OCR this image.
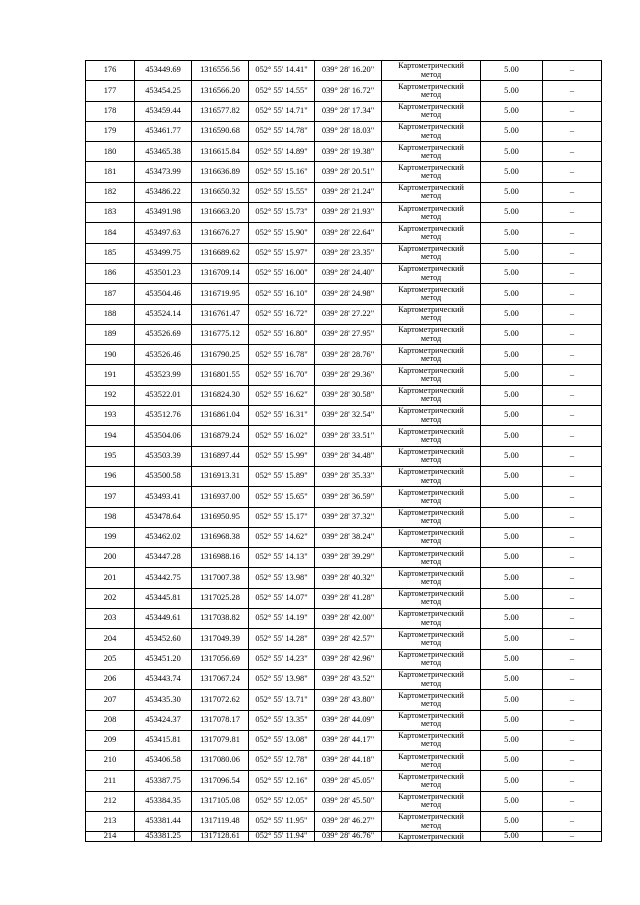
176	453449.69	1316556.56	052° 55' 14.41"	039° 28' 16.20"	Картометрический
метод	5.00	–
177	453454.25	1316566.20	052° 55' 14.55"	039° 28' 16.72"	Картометрический
метод	5.00	–
178	453459.44	1316577.82	052° 55' 14.71"	039° 28' 17.34"	Картометрический
метод	5.00	–
179	453461.77	1316590.68	052° 55' 14.78"	039° 28' 18.03"	Картометрический
метод	5.00	–
180	453465.38	1316615.84	052° 55' 14.89"	039° 28' 19.38"	Картометрический
метод	5.00	–
181	453473.99	1316636.89	052° 55' 15.16"	039° 28' 20.51"	Картометрический
метод	5.00	–
182	453486.22	1316650.32	052° 55' 15.55"	039° 28' 21.24"	Картометрический
метод	5.00	–
183	453491.98	1316663.20	052° 55' 15.73"	039° 28' 21.93"	Картометрический
метод	5.00	–
184	453497.63	1316676.27	052° 55' 15.90"	039° 28' 22.64"	Картометрический
метод	5.00	–
185	453499.75	1316689.62	052° 55' 15.97"	039° 28' 23.35"	Картометрический
метод	5.00	–
186	453501.23	1316709.14	052° 55' 16.00"	039° 28' 24.40"	Картометрический
метод	5.00	–
187	453504.46	1316719.95	052° 55' 16.10"	039° 28' 24.98"	Картометрический
метод	5.00	–
188	453524.14	1316761.47	052° 55' 16.72"	039° 28' 27.22"	Картометрический
метод	5.00	–
189	453526.69	1316775.12	052° 55' 16.80"	039° 28' 27.95"	Картометрический
метод	5.00	–
190	453526.46	1316790.25	052° 55' 16.78"	039° 28' 28.76"	Картометрический
метод	5.00	–
191	453523.99	1316801.55	052° 55' 16.70"	039° 28' 29.36"	Картометрический
метод	5.00	–
192	453522.01	1316824.30	052° 55' 16.62"	039° 28' 30.58"	Картометрический
метод	5.00	–
193	453512.76	1316861.04	052° 55' 16.31"	039° 28' 32.54"	Картометрический
метод	5.00	–
194	453504.06	1316879.24	052° 55' 16.02"	039° 28' 33.51"	Картометрический
метод	5.00	–
195	453503.39	1316897.44	052° 55' 15.99"	039° 28' 34.48"	Картометрический
метод	5.00	–
196	453500.58	1316913.31	052° 55' 15.89"	039° 28' 35.33"	Картометрический
метод	5.00	–
197	453493.41	1316937.00	052° 55' 15.65"	039° 28' 36.59"	Картометрический
метод	5.00	–
198	453478.64	1316950.95	052° 55' 15.17"	039° 28' 37.32"	Картометрический
метод	5.00	–
199	453462.02	1316968.38	052° 55' 14.62"	039° 28' 38.24"	Картометрический
метод	5.00	–
200	453447.28	1316988.16	052° 55' 14.13"	039° 28' 39.29"	Картометрический
метод	5.00	–
201	453442.75	1317007.38	052° 55' 13.98"	039° 28' 40.32"	Картометрический
метод	5.00	–
202	453445.81	1317025.28	052° 55' 14.07"	039° 28' 41.28"	Картометрический
метод	5.00	–
203	453449.61	1317038.82	052° 55' 14.19"	039° 28' 42.00"	Картометрический
метод	5.00	–
204	453452.60	1317049.39	052° 55' 14.28"	039° 28' 42.57"	Картометрический
метод	5.00	–
205	453451.20	1317056.69	052° 55' 14.23"	039° 28' 42.96"	Картометрический
метод	5.00	–
206	453443.74	1317067.24	052° 55' 13.98"	039° 28' 43.52"	Картометрический
метод	5.00	–
207	453435.30	1317072.62	052° 55' 13.71"	039° 28' 43.80"	Картометрический
метод	5.00	–
208	453424.37	1317078.17	052° 55' 13.35"	039° 28' 44.09"	Картометрический
метод	5.00	–
209	453415.81	1317079.81	052° 55' 13.08"	039° 28' 44.17"	Картометрический
метод	5.00	–
210	453406.58	1317080.06	052° 55' 12.78"	039° 28' 44.18"	Картометрический
метод	5.00	–
211	453387.75	1317096.54	052° 55' 12.16"	039° 28' 45.05"	Картометрический
метод	5.00	–
212	453384.35	1317105.08	052° 55' 12.05"	039° 28' 45.50"	Картометрический
метод	5.00	–
213	453381.44	1317119.48	052° 55' 11.95"	039° 28' 46.27"	Картометрический
метод	5.00	–
214	453381.25	1317128.61	052° 55' 11.94"	039° 28' 46.76"	Картометрический	5.00	–
